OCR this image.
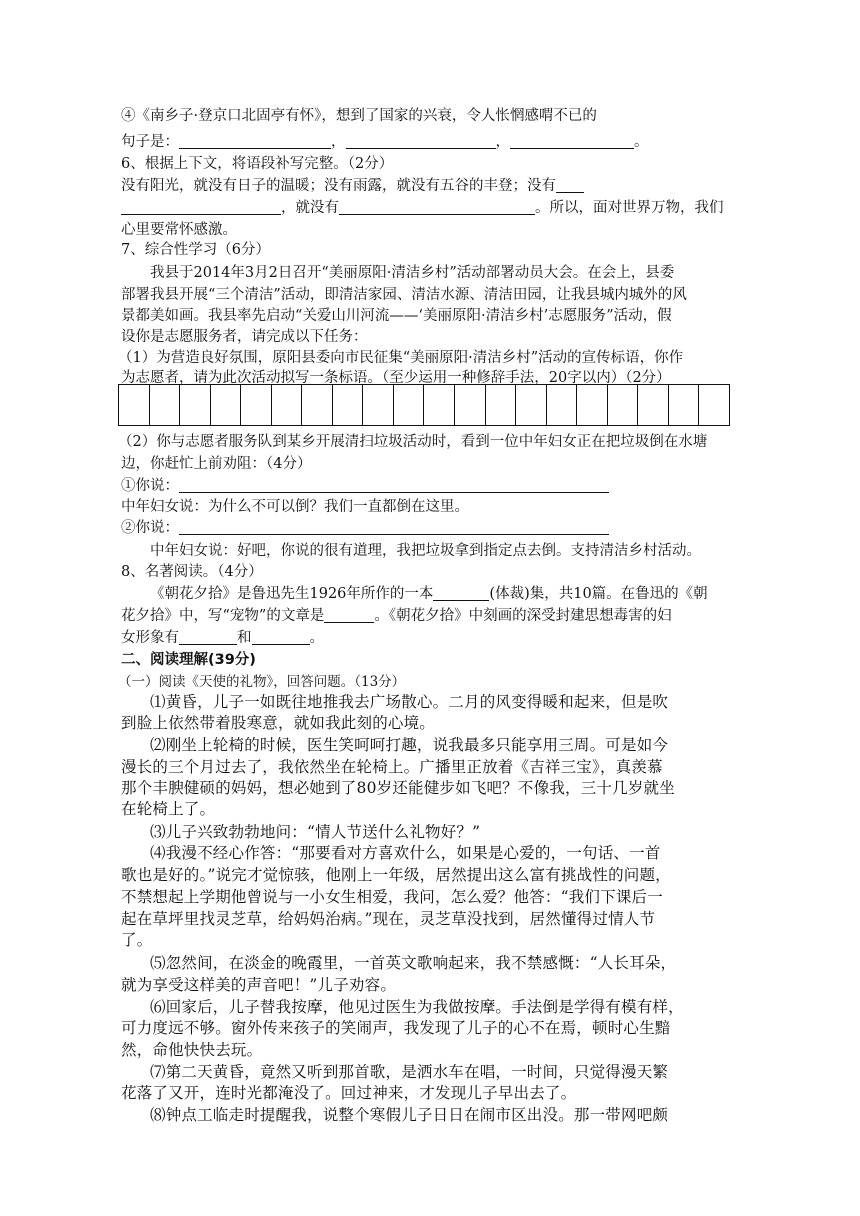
④《南乡子·登京口北固亭有怀》，想到了国家的兴衰，令人怅惘感喟不已的
句子是：	，	，	。
6、根据上下文，将语段补写完整。（2分）
没有阳光，就没有日子的温暖；没有雨露，就没有五谷的丰登；没有
，就没有	。所以，面对世界万物，我们
心里要常怀感激。
7、综合性学习（6分）
我县于2014年3月2日召开“美丽原阳·清洁乡村”活动部署动员大会。在会上，县委
部署我县开展“三个清洁”活动，即清洁家园、清洁水源、清洁田园，让我县城内城外的风
景都美如画。我县率先启动“关爱山川河流——‘美丽原阳·清洁乡村’志愿服务”活动，假
设你是志愿服务者，请完成以下任务：
（1）为营造良好氛围，原阳县委向市民征集“美丽原阳·清洁乡村”活动的宣传标语，你作
为志愿者，请为此次活动拟写一条标语。（至少运用一种修辞手法，20字以内）（2分）
（2）你与志愿者服务队到某乡开展清扫垃圾活动时，看到一位中年妇女正在把垃圾倒在水塘
边，你赶忙上前劝阻：（4分）
①你说：
中年妇女说：为什么不可以倒？我们一直都倒在这里。
②你说：
中年妇女说：好吧，你说的很有道理，我把垃圾拿到指定点去倒。支持清洁乡村活动。
8、名著阅读。（4分）
《朝花夕拾》是鲁迅先生1926年所作的一本	(体裁)集，共10篇。在鲁迅的《朝
花夕拾》中，写“宠物”的文章是	。《朝花夕拾》中刻画的深受封建思想毒害的妇
女形象有	和	。
二、阅读理解(39分)
（一）阅读《天使的礼物》，回答问题。（13分）
⑴黄昏，儿子一如既往地推我去广场散心。二月的风变得暖和起来，但是吹
到脸上依然带着股寒意，就如我此刻的心境。
⑵刚坐上轮椅的时候，医生笑呵呵打趣，说我最多只能享用三周。可是如今
漫长的三个月过去了，我依然坐在轮椅上。广播里正放着《吉祥三宝》，真羡慕
那个丰腴健硕的妈妈，想必她到了80岁还能健步如飞吧？不像我，三十几岁就坐
在轮椅上了。
⑶儿子兴致勃勃地问：“情人节送什么礼物好？”
⑷我漫不经心作答：“那要看对方喜欢什么，如果是心爱的，一句话、一首
歌也是好的。”说完才觉惊骇，他刚上一年级，居然提出这么富有挑战性的问题，
不禁想起上学期他曾说与一小女生相爱，我问，怎么爱？他答：“我们下课后一
起在草坪里找灵芝草，给妈妈治病。”现在，灵芝草没找到，居然懂得过情人节
了。
⑸忽然间，在淡金的晚霞里，一首英文歌响起来，我不禁感慨：“人长耳朵，
就为享受这样美的声音吧！”儿子劝容。
⑹回家后，儿子替我按摩，他见过医生为我做按摩。手法倒是学得有模有样，
可力度远不够。窗外传来孩子的笑闹声，我发现了儿子的心不在焉，顿时心生黯
然，命他快快去玩。
⑺第二天黄昏，竟然又听到那首歌，是洒水车在唱，一时间，只觉得漫天繁
花落了又开，连时光都淹没了。回过神来，才发现儿子早出去了。
⑻钟点工临走时提醒我，说整个寒假儿子日日在闹市区出没。那一带网吧颇
